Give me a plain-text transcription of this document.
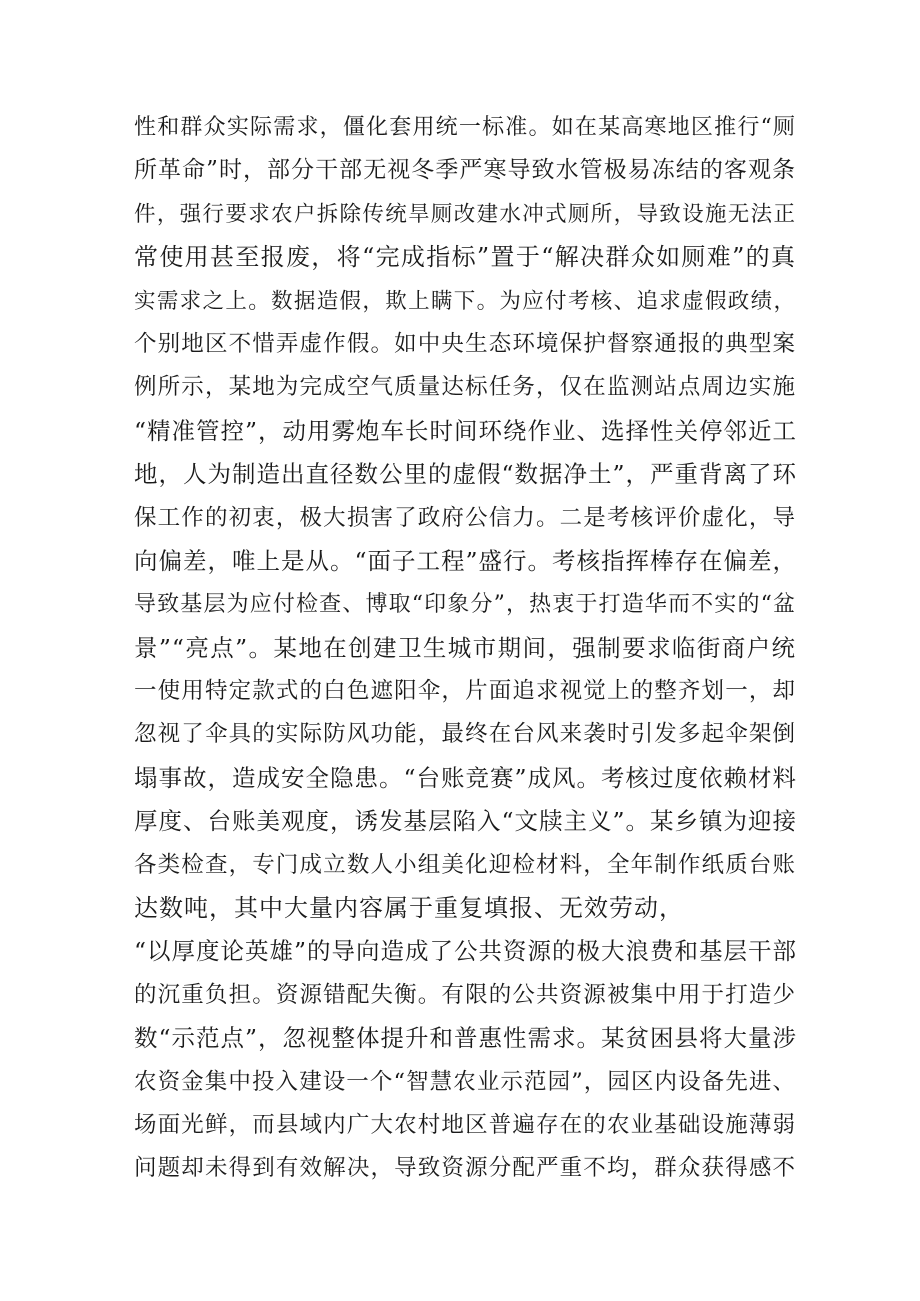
性和群众实际需求，僵化套用统一标准。如在某高寒地区推行“厕
所革命”时，部分干部无视冬季严寒导致水管极易冻结的客观条
件，强行要求农户拆除传统旱厕改建水冲式厕所，导致设施无法正
常使用甚至报废，将“完成指标”置于“解决群众如厕难”的真
实需求之上。数据造假，欺上瞒下。为应付考核、追求虚假政绩，
个别地区不惜弄虚作假。如中央生态环境保护督察通报的典型案
例所示，某地为完成空气质量达标任务，仅在监测站点周边实施
“精准管控”，动用雾炮车长时间环绕作业、选择性关停邻近工
地，人为制造出直径数公里的虚假“数据净土”，严重背离了环
保工作的初衷，极大损害了政府公信力。二是考核评价虚化，导
向偏差，唯上是从。“面子工程”盛行。考核指挥棒存在偏差，
导致基层为应付检查、博取“印象分”，热衷于打造华而不实的“盆
景”“亮点”。某地在创建卫生城市期间，强制要求临街商户统
一使用特定款式的白色遮阳伞，片面追求视觉上的整齐划一，却
忽视了伞具的实际防风功能，最终在台风来袭时引发多起伞架倒
塌事故，造成安全隐患。“台账竞赛”成风。考核过度依赖材料
厚度、台账美观度，诱发基层陷入“文牍主义”。某乡镇为迎接
各类检查，专门成立数人小组美化迎检材料，全年制作纸质台账
达数吨，其中大量内容属于重复填报、无效劳动，
“以厚度论英雄”的导向造成了公共资源的极大浪费和基层干部
的沉重负担。资源错配失衡。有限的公共资源被集中用于打造少
数“示范点”，忽视整体提升和普惠性需求。某贫困县将大量涉
农资金集中投入建设一个“智慧农业示范园”，园区内设备先进、
场面光鲜，而县域内广大农村地区普遍存在的农业基础设施薄弱
问题却未得到有效解决，导致资源分配严重不均，群众获得感不
